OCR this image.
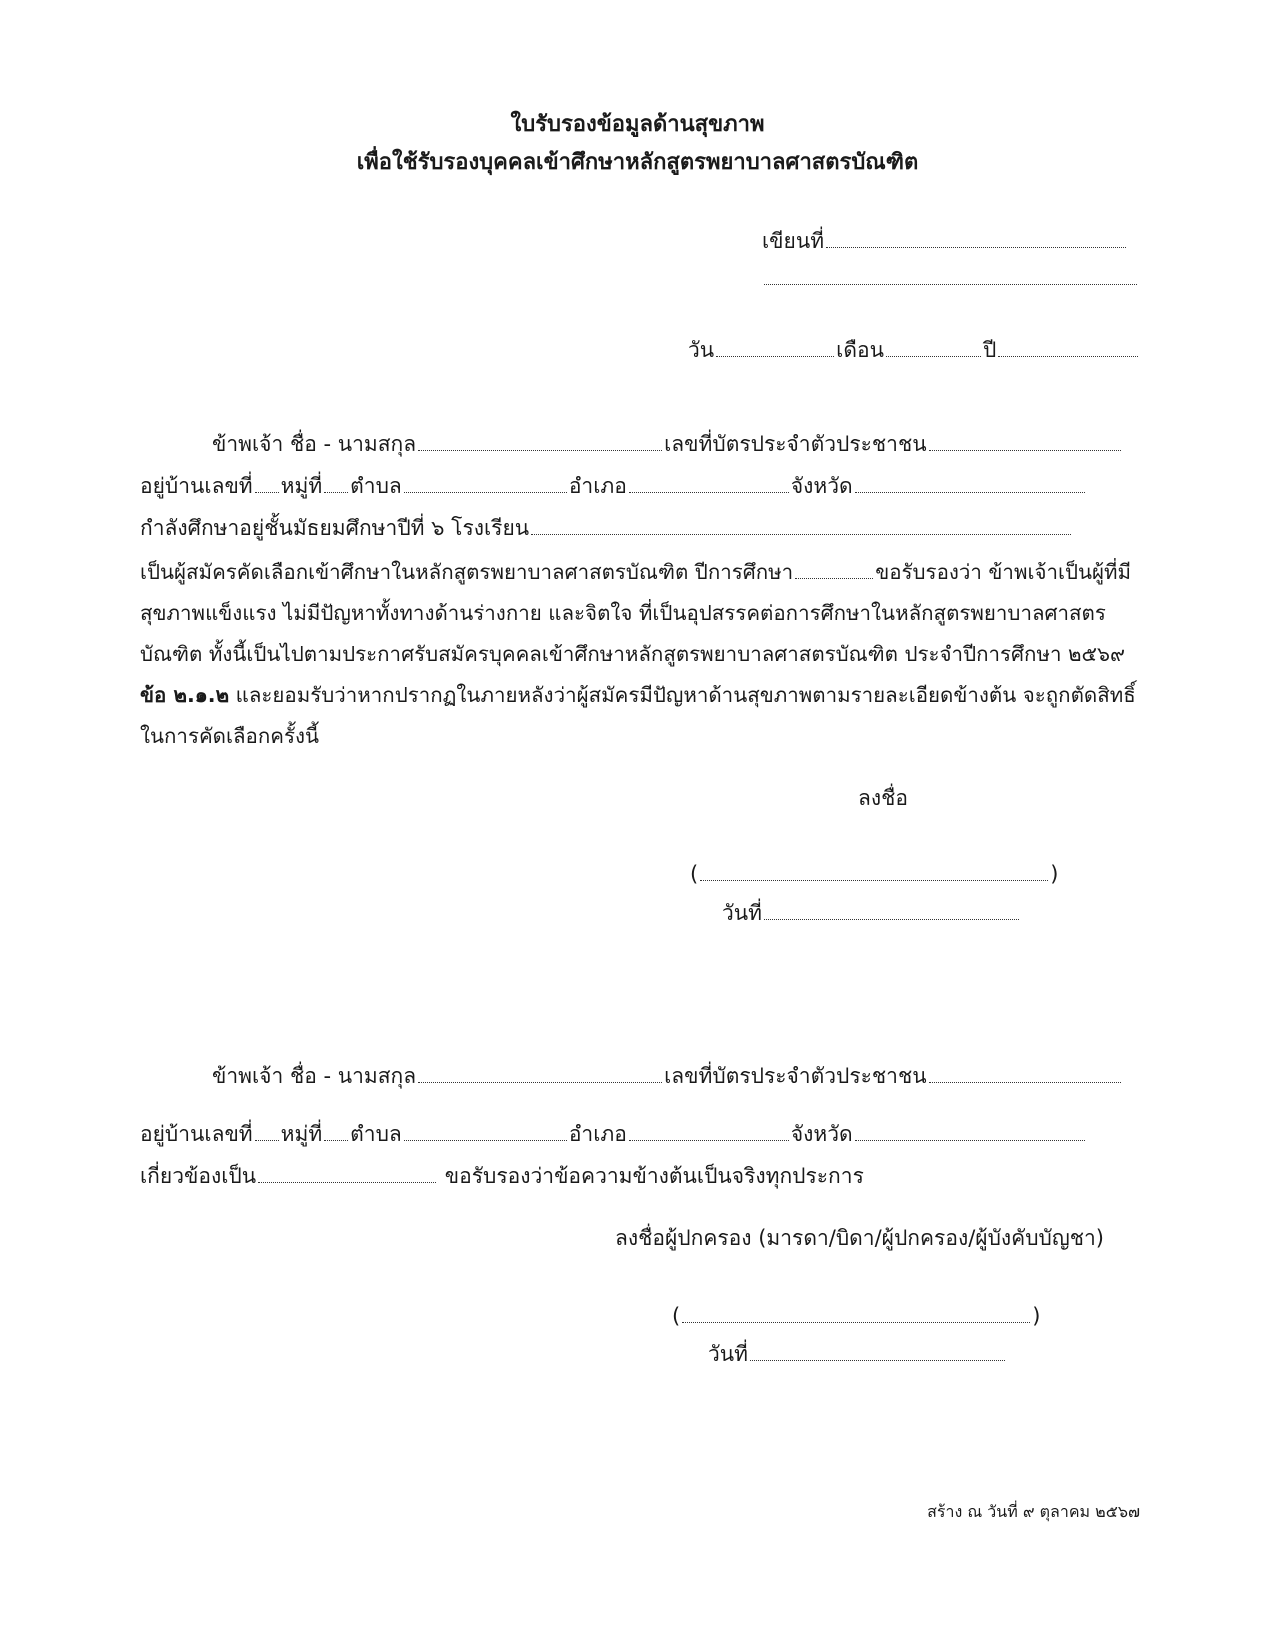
ใบรับรองข้อมูลด้านสุขภาพ
เพื่อใช้รับรองบุคคลเข้าศึกษาหลักสูตรพยาบาลศาสตรบัณฑิต
เขียนที่
วัน	เดือน	ปี
ข้าพเจ้า ชื่อ - นามสกุล	เลขที่บัตรประจำตัวประชาชน
อยู่บ้านเลขที่ หมู่ที่ ตำบล	อำเภอ	จังหวัด
กำลังศึกษาอยู่ชั้นมัธยมศึกษาปีที่ ๖ โรงเรียน
เป็นผู้สมัครคัดเลือกเข้าศึกษาในหลักสูตรพยาบาลศาสตรบัณฑิต ปีการศึกษา	ขอรับรองว่า ข้าพเจ้าเป็นผู้ที่มีสุขภาพแข็งแรง ไม่มีปัญหาทั้งทางด้านร่างกาย และจิตใจ ที่เป็นอุปสรรคต่อการศึกษาในหลักสูตรพยาบาลศาสตรบัณฑิต ทั้งนี้เป็นไปตามประกาศรับสมัครบุคคลเข้าศึกษาหลักสูตรพยาบาลศาสตรบัณฑิต ประจำปีการศึกษา ๒๕๖๙ ข้อ ๒.๑.๒ และยอมรับว่าหากปรากฏในภายหลังว่าผู้สมัครมีปัญหาด้านสุขภาพตามรายละเอียดข้างต้น จะถูกตัดสิทธิ์ในการคัดเลือกครั้งนี้
ลงชื่อ
(	)
วันที่
ข้าพเจ้า ชื่อ - นามสกุล	เลขที่บัตรประจำตัวประชาชน
อยู่บ้านเลขที่ หมู่ที่ ตำบล	อำเภอ	จังหวัด
เกี่ยวข้องเป็น	ขอรับรองว่าข้อความข้างต้นเป็นจริงทุกประการ
ลงชื่อผู้ปกครอง (มารดา/บิดา/ผู้ปกครอง/ผู้บังคับบัญชา)
(	)
วันที่
สร้าง ณ วันที่ ๙ ตุลาคม ๒๕๖๗
